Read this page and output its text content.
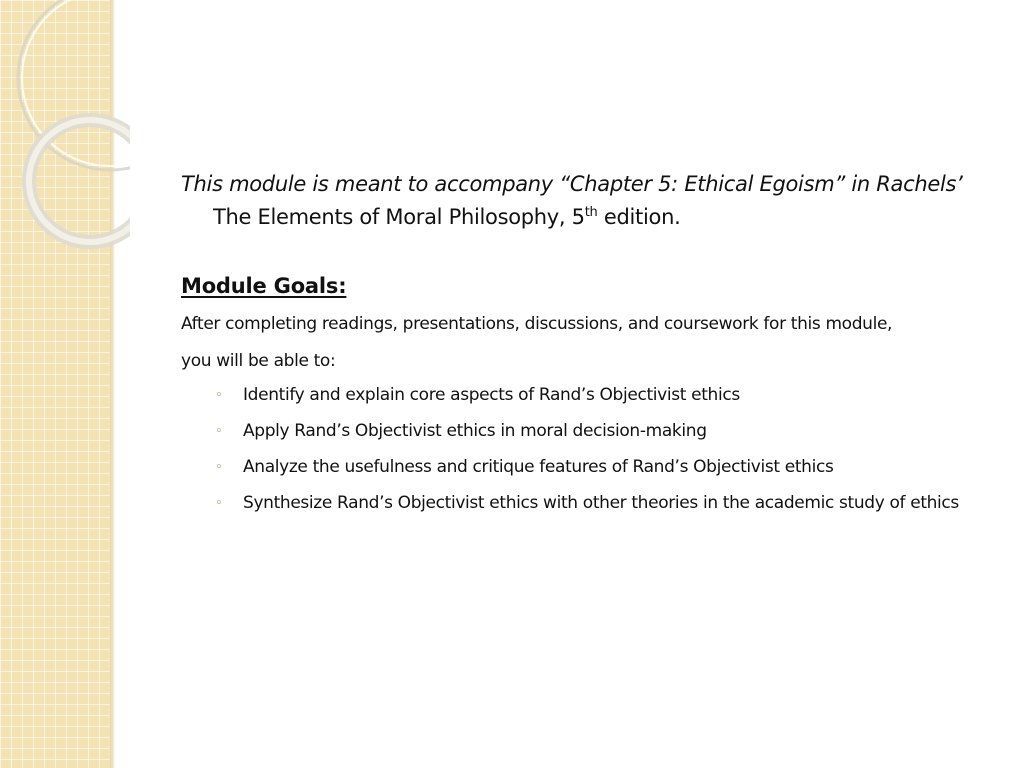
This module is meant to accompany “Chapter 5: Ethical Egoism” in Rachels’
The Elements of Moral Philosophy, 5th edition.

Module Goals:

After completing readings, presentations, discussions, and coursework for this module,
you will be able to:

◦ Identify and explain core aspects of Rand’s Objectivist ethics
◦ Apply Rand’s Objectivist ethics in moral decision-making
◦ Analyze the usefulness and critique features of Rand’s Objectivist ethics
◦ Synthesize Rand’s Objectivist ethics with other theories in the academic study of ethics
